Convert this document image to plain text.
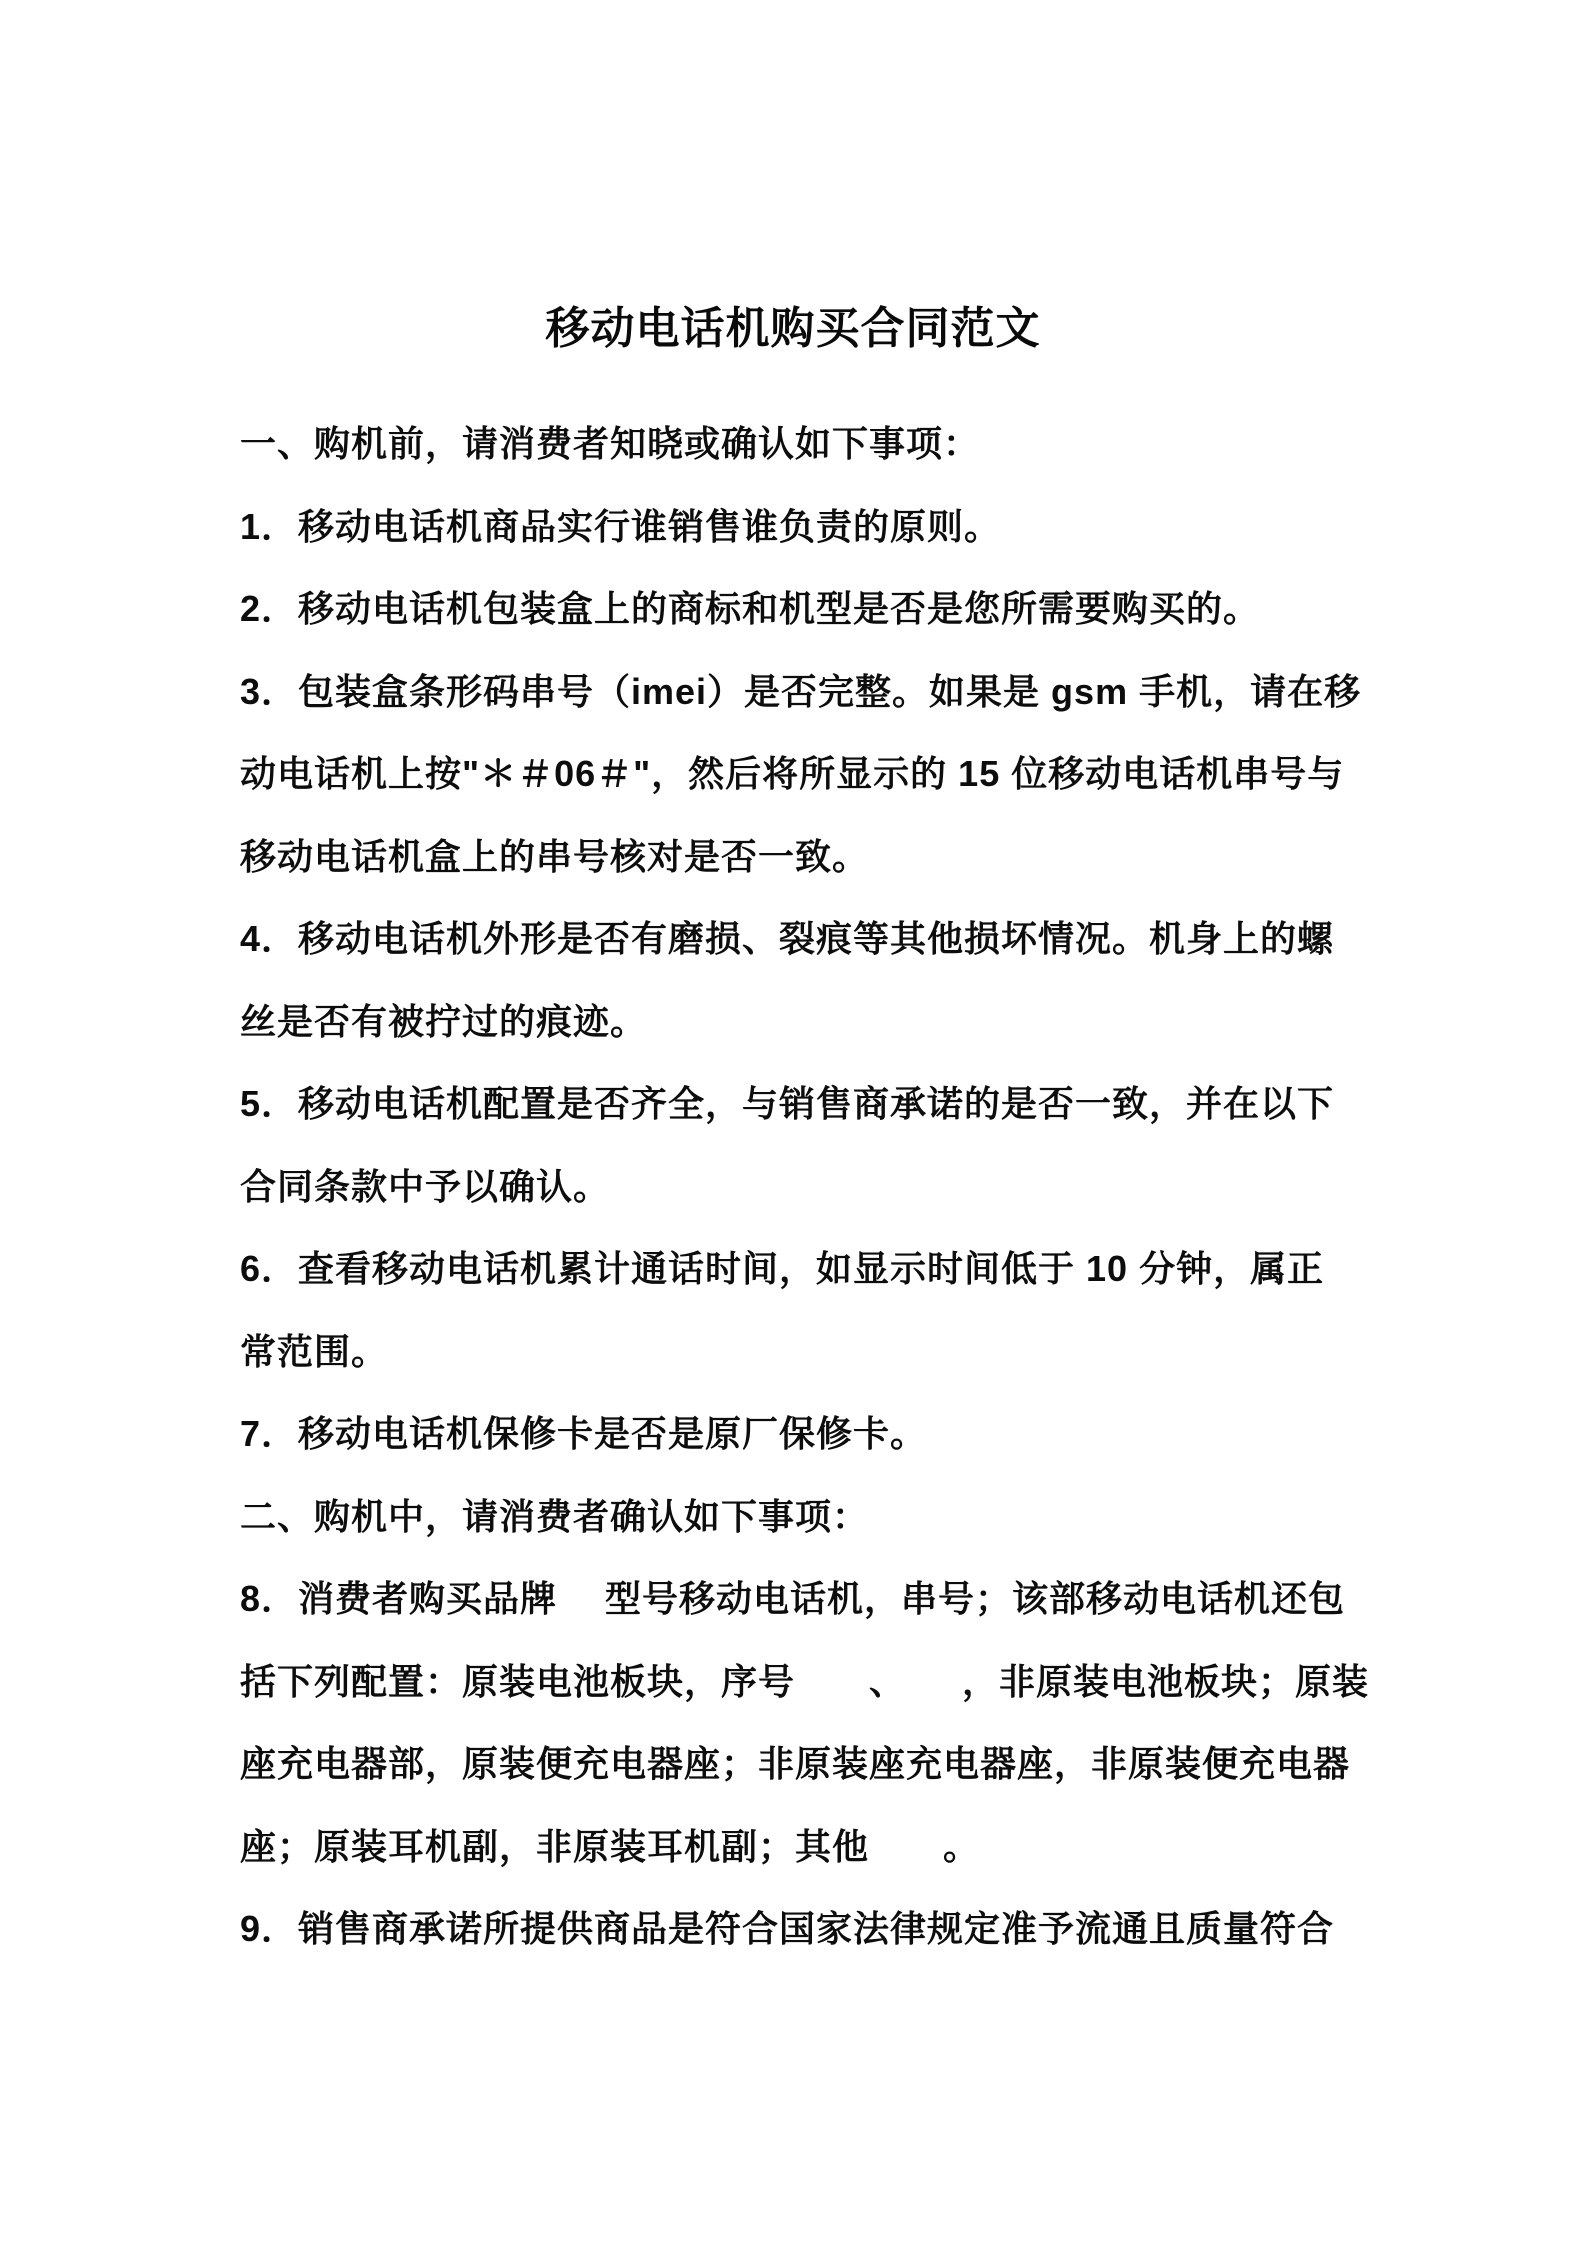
移动电话机购买合同范文
一、购机前，请消费者知晓或确认如下事项：
1．移动电话机商品实行谁销售谁负责的原则。
2．移动电话机包装盒上的商标和机型是否是您所需要购买的。
3．包装盒条形码串号（imei）是否完整。如果是 gsm 手机，请在移
动电话机上按"＊＃06＃"，然后将所显示的 15 位移动电话机串号与
移动电话机盒上的串号核对是否一致。
4．移动电话机外形是否有磨损、裂痕等其他损坏情况。机身上的螺
丝是否有被拧过的痕迹。
5．移动电话机配置是否齐全，与销售商承诺的是否一致，并在以下
合同条款中予以确认。
6．查看移动电话机累计通话时间，如显示时间低于 10 分钟，属正
常范围。
7．移动电话机保修卡是否是原厂保修卡。
二、购机中，请消费者确认如下事项：
8．消费者购买品牌　 型号移动电话机，串号；该部移动电话机还包
括下列配置：原装电池板块，序号　　、　　，非原装电池板块；原装
座充电器部，原装便充电器座；非原装座充电器座，非原装便充电器
座；原装耳机副，非原装耳机副；其他　　。
9．销售商承诺所提供商品是符合国家法律规定准予流通且质量符合
